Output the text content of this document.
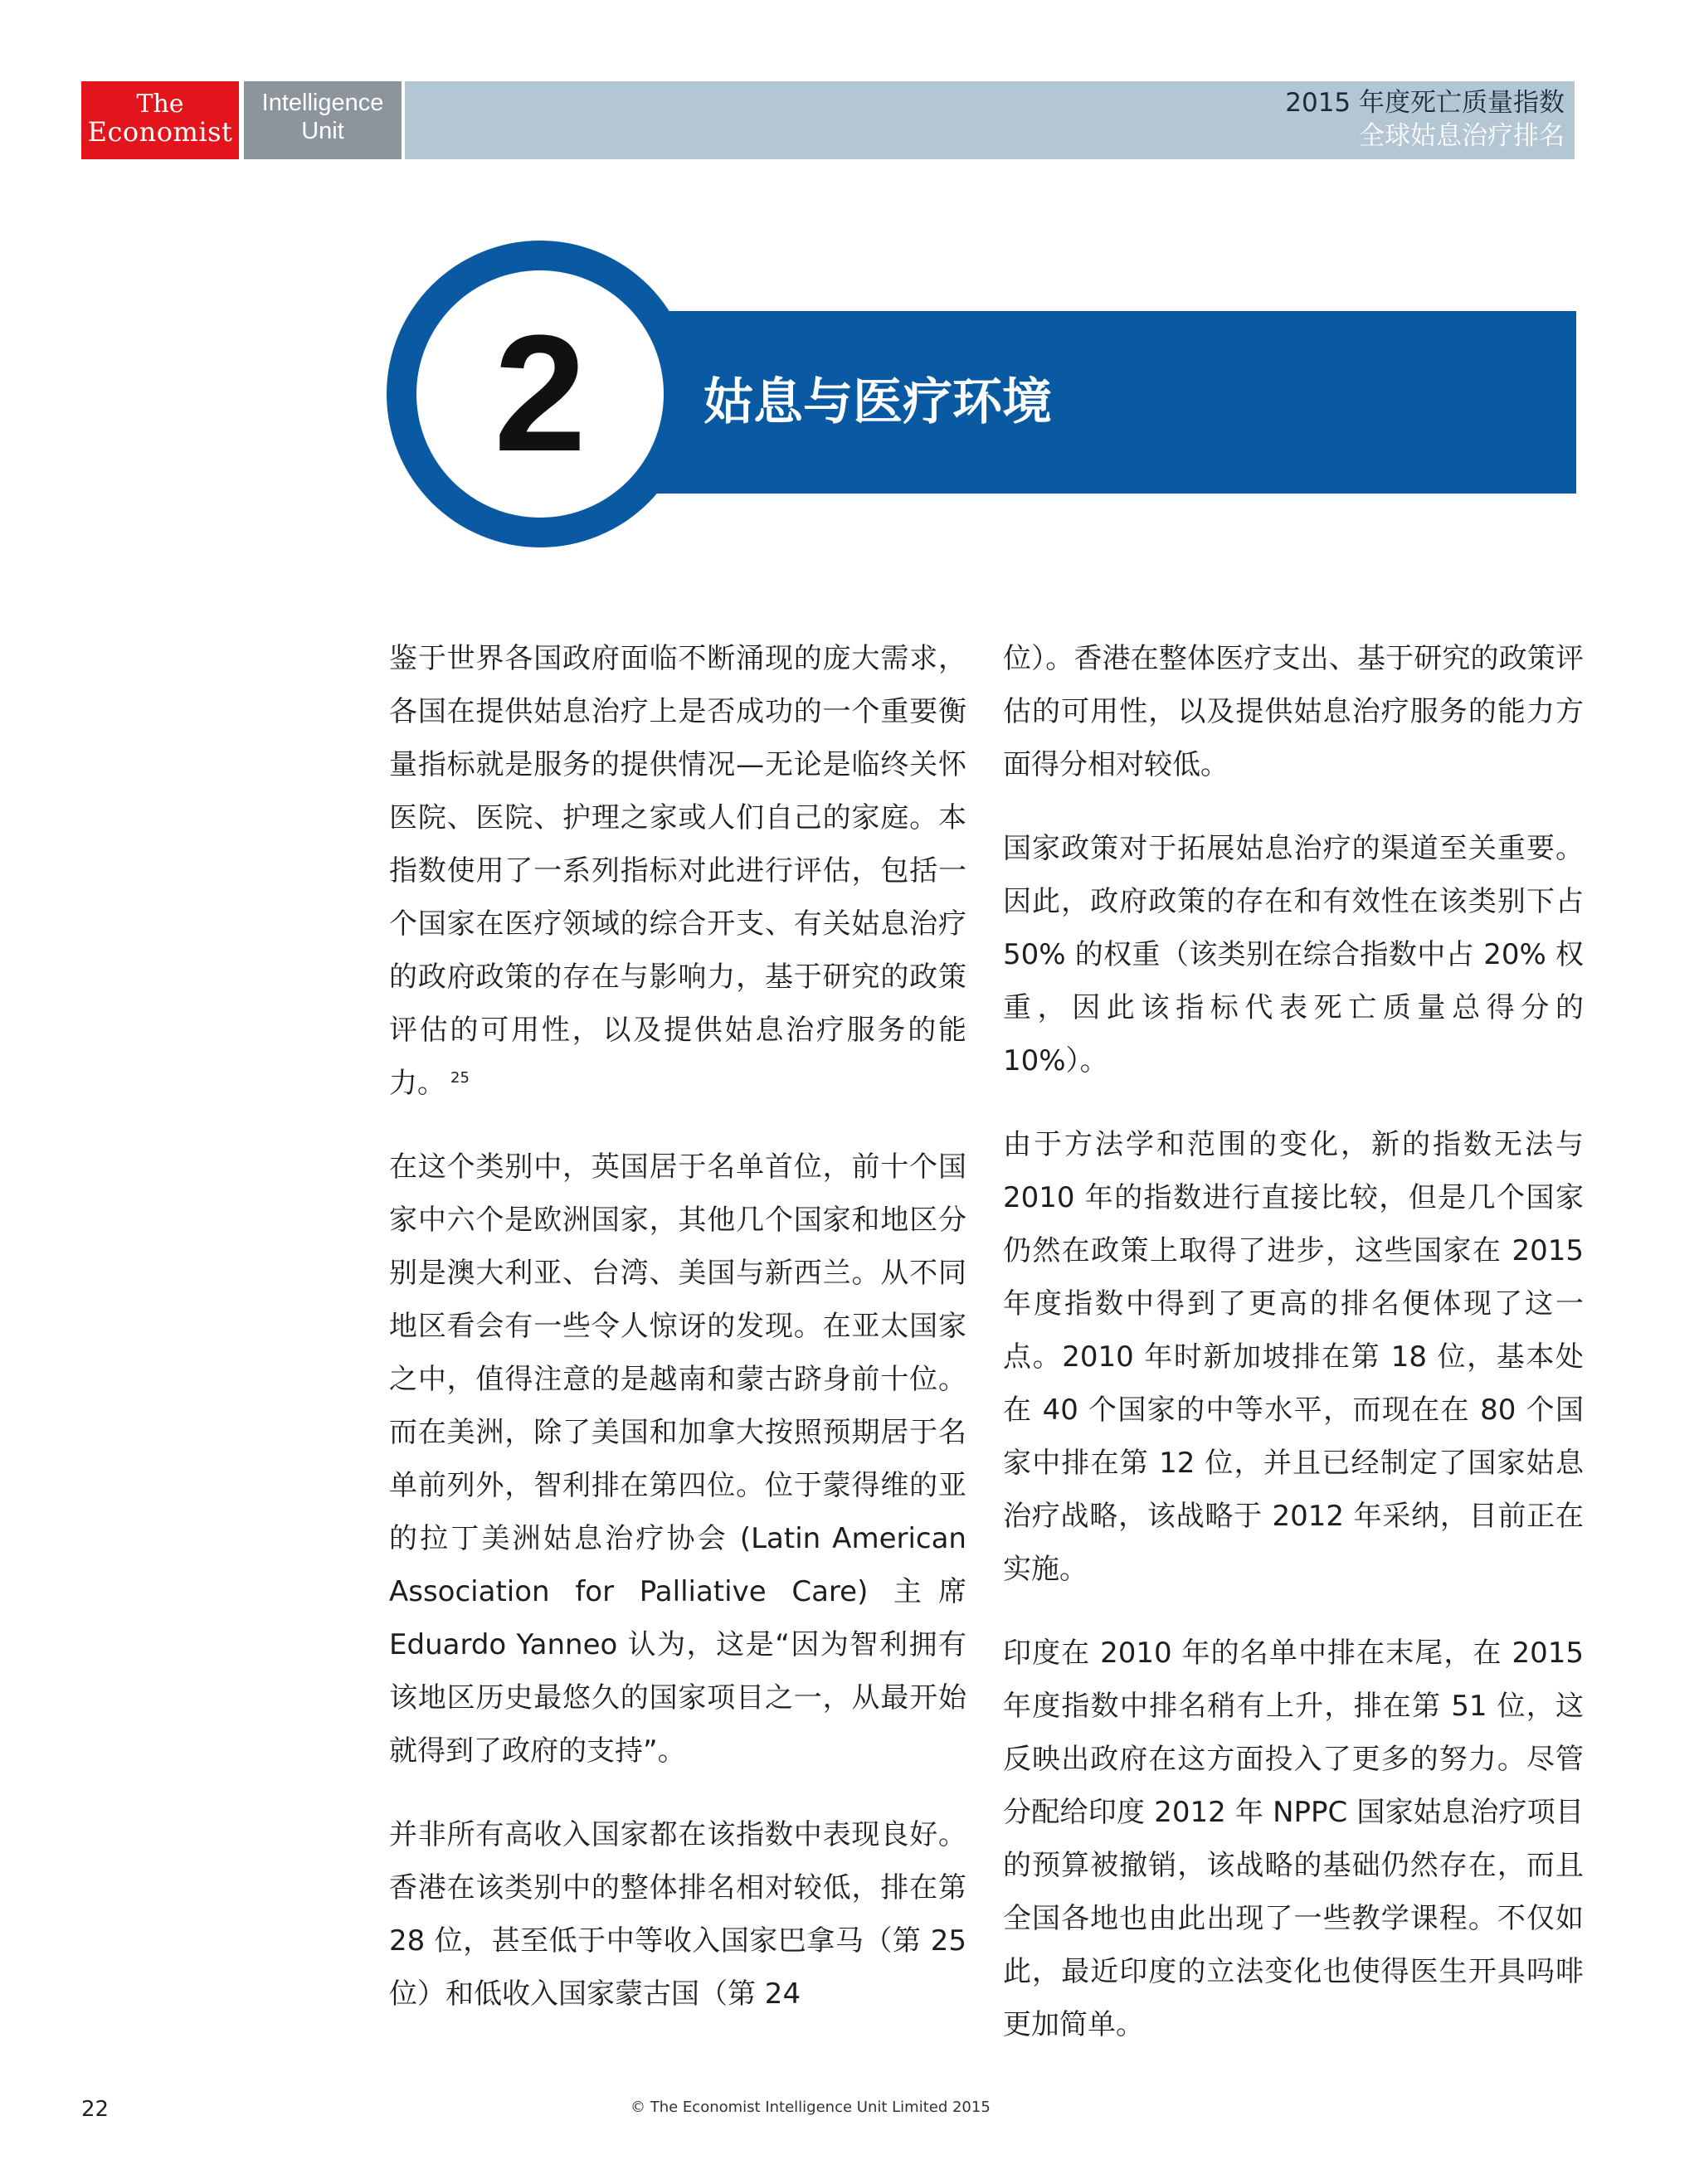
The
Economist
Intelligence
Unit
2015 年度死亡质量指数
全球姑息治疗排名
姑息与医疗环境
2

鉴于世界各国政府面临不断涌现的庞大需求，各国在提供姑息治疗上是否成功的一个重要衡量指标就是服务的提供情况—无论是临终关怀医院、医院、护理之家或人们自己的家庭。本指数使用了一系列指标对此进行评估，包括一个国家在医疗领域的综合开支、有关姑息治疗的政府政策的存在与影响力，基于研究的政策评估的可用性，以及提供姑息治疗服务的能力。 $^{25}$

在这个类别中，英国居于名单首位，前十个国家中六个是欧洲国家，其他几个国家和地区分别是澳大利亚、台湾、美国与新西兰。从不同地区看会有一些令人惊讶的发现。在亚太国家之中，值得注意的是越南和蒙古跻身前十位。而在美洲，除了美国和加拿大按照预期居于名单前列外，智利排在第四位。位于蒙得维的亚的拉丁美洲姑息治疗协会 (Latin American Association for Palliative Care) 主席 Eduardo Yanneo 认为，这是“因为智利拥有该地区历史最悠久的国家项目之一，从最开始就得到了政府的支持”。

并非所有高收入国家都在该指数中表现良好。香港在该类别中的整体排名相对较低，排在第 28 位，甚至低于中等收入国家巴拿马（第 25 位）和低收入国家蒙古国（第 24

位）。香港在整体医疗支出、基于研究的政策评估的可用性，以及提供姑息治疗服务的能力方面得分相对较低。

国家政策对于拓展姑息治疗的渠道至关重要。因此，政府政策的存在和有效性在该类别下占 50% 的权重（该类别在综合指数中占 20% 权重，因此该指标代表死亡质量总得分的 10%）。

由于方法学和范围的变化，新的指数无法与 2010 年的指数进行直接比较，但是几个国家仍然在政策上取得了进步，这些国家在 2015 年度指数中得到了更高的排名便体现了这一点。2010 年时新加坡排在第 18 位，基本处在 40 个国家的中等水平，而现在在 80 个国家中排在第 12 位，并且已经制定了国家姑息治疗战略，该战略于 2012 年采纳，目前正在实施。

印度在 2010 年的名单中排在末尾，在 2015 年度指数中排名稍有上升，排在第 51 位，这反映出政府在这方面投入了更多的努力。尽管分配给印度 2012 年 NPPC 国家姑息治疗项目的预算被撤销，该战略的基础仍然存在，而且全国各地也由此出现了一些教学课程。不仅如此，最近印度的立法变化也使得医生开具吗啡更加简单。

22	© The Economist Intelligence Unit Limited 2015
